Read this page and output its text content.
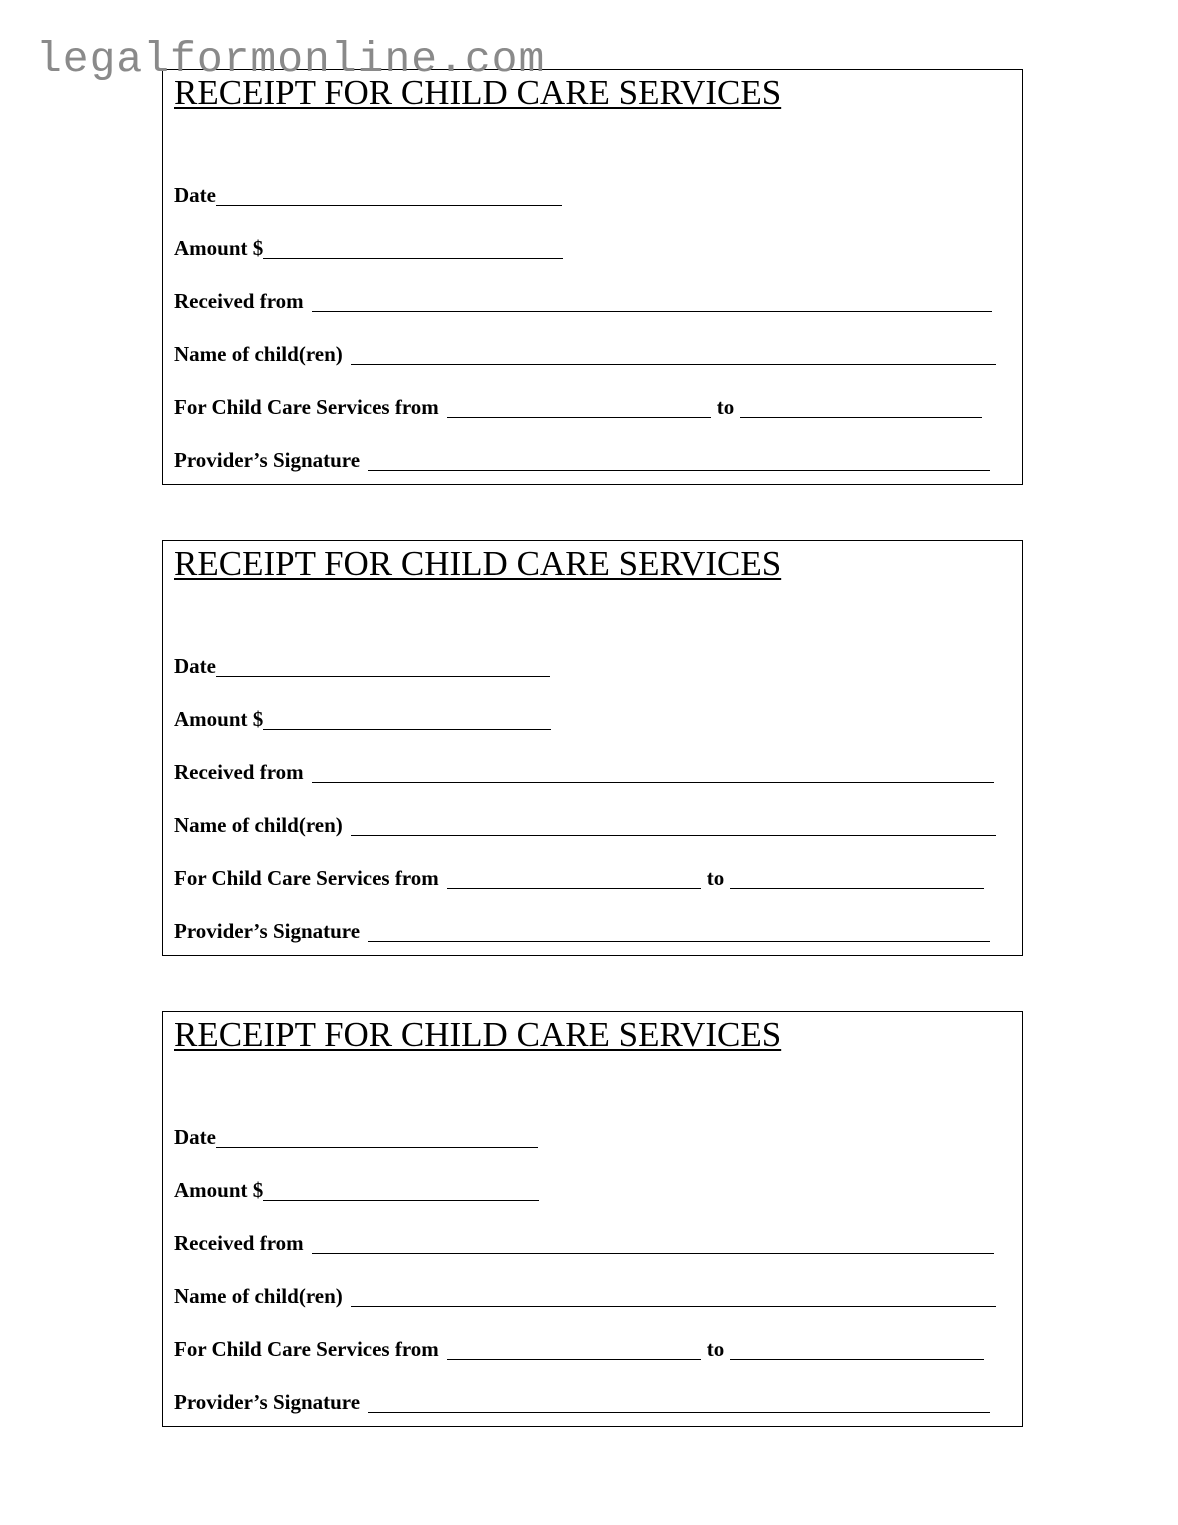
legalformonline.com
RECEIPT FOR CHILD CARE SERVICES
Date
Amount $
Received from
Name of child(ren)
For Child Care Services from	to
Provider’s Signature
RECEIPT FOR CHILD CARE SERVICES
Date
Amount $
Received from
Name of child(ren)
For Child Care Services from	to
Provider’s Signature
RECEIPT FOR CHILD CARE SERVICES
Date
Amount $
Received from
Name of child(ren)
For Child Care Services from	to
Provider’s Signature
